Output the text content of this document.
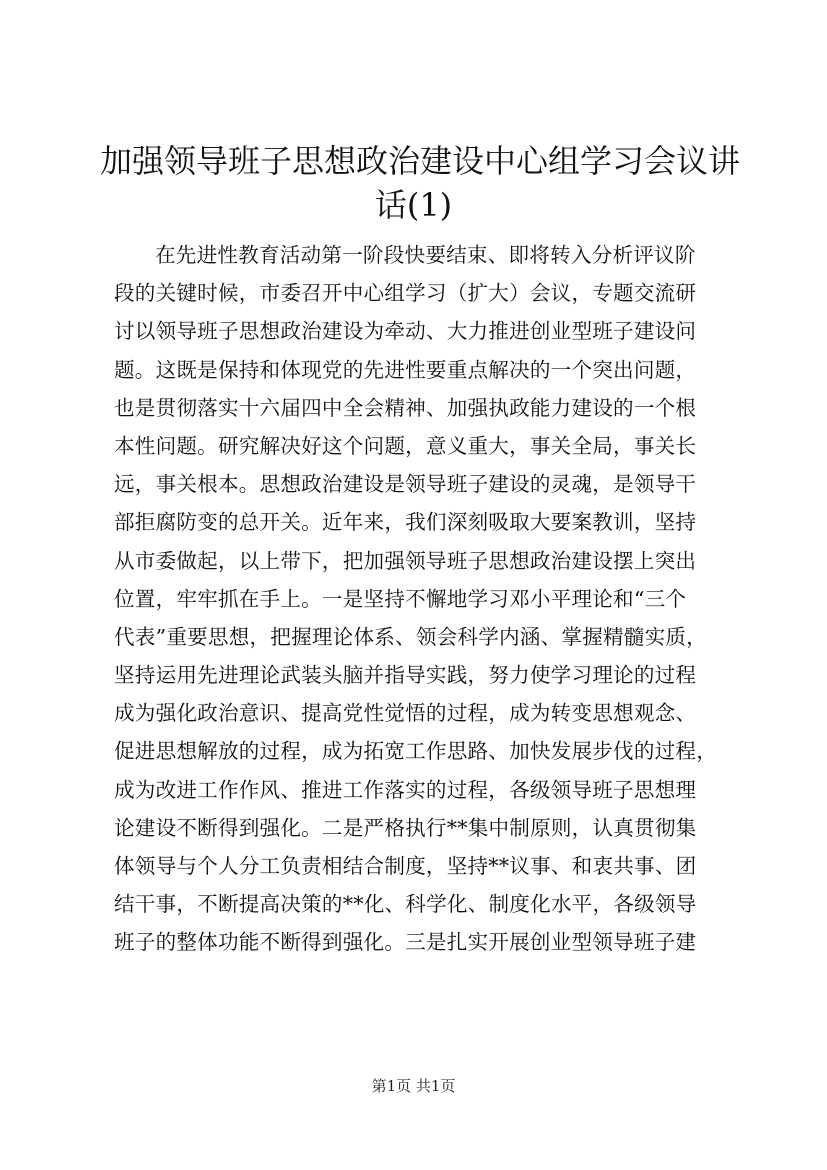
加强领导班子思想政治建设中心组学习会议讲
话(1)
在先进性教育活动第一阶段快要结束、即将转入分析评议阶
段的关键时候，市委召开中心组学习（扩大）会议，专题交流研
讨以领导班子思想政治建设为牵动、大力推进创业型班子建设问
题。这既是保持和体现党的先进性要重点解决的一个突出问题，
也是贯彻落实十六届四中全会精神、加强执政能力建设的一个根
本性问题。研究解决好这个问题，意义重大，事关全局，事关长
远，事关根本。思想政治建设是领导班子建设的灵魂，是领导干
部拒腐防变的总开关。近年来，我们深刻吸取大要案教训，坚持
从市委做起，以上带下，把加强领导班子思想政治建设摆上突出
位置，牢牢抓在手上。一是坚持不懈地学习邓小平理论和“三个
代表”重要思想，把握理论体系、领会科学内涵、掌握精髓实质，
坚持运用先进理论武装头脑并指导实践，努力使学习理论的过程
成为强化政治意识、提高党性觉悟的过程，成为转变思想观念、
促进思想解放的过程，成为拓宽工作思路、加快发展步伐的过程，
成为改进工作作风、推进工作落实的过程，各级领导班子思想理
论建设不断得到强化。二是严格执行**集中制原则，认真贯彻集
体领导与个人分工负责相结合制度，坚持**议事、和衷共事、团
结干事，不断提高决策的**化、科学化、制度化水平，各级领导
班子的整体功能不断得到强化。三是扎实开展创业型领导班子建
第1页 共1页
